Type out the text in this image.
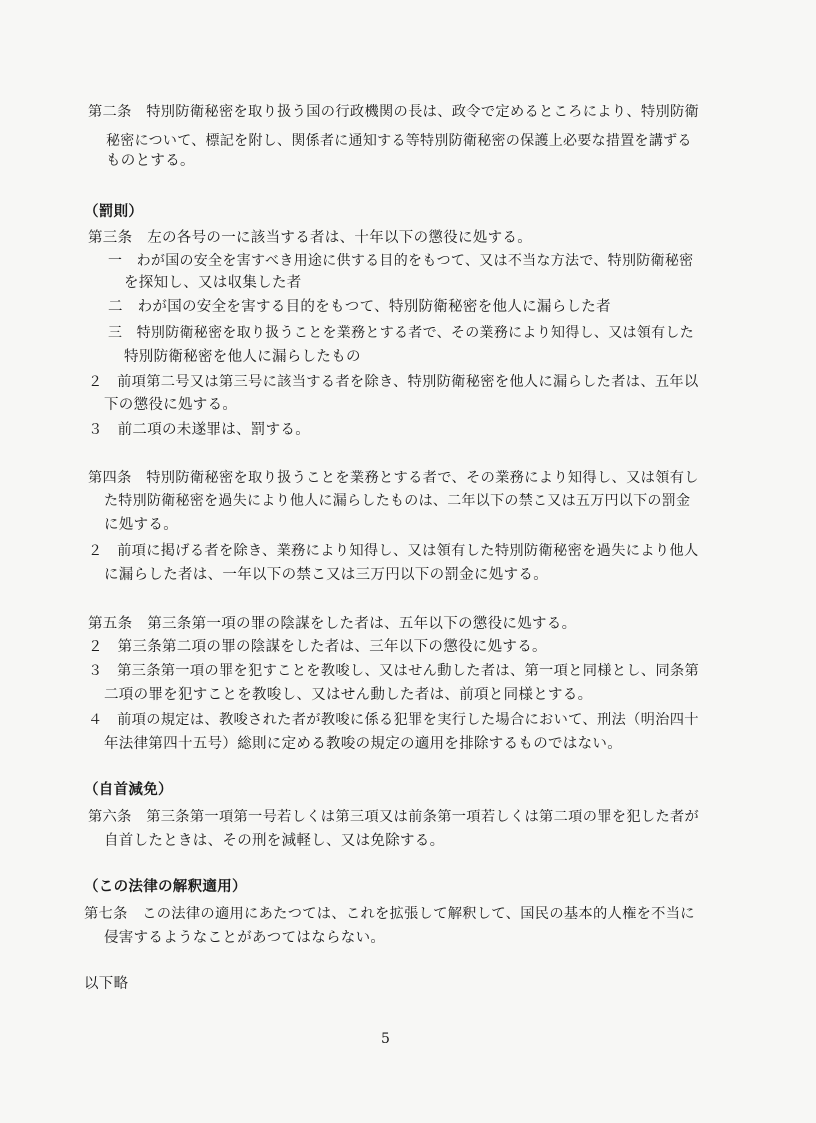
第二条　特別防衛秘密を取り扱う国の行政機関の長は、政令で定めるところにより、特別防衛
秘密について、標記を附し、関係者に通知する等特別防衛秘密の保護上必要な措置を講ずる
ものとする。
（罰則）
第三条　左の各号の一に該当する者は、十年以下の懲役に処する。
一　わが国の安全を害すべき用途に供する目的をもつて、又は不当な方法で、特別防衛秘密
を探知し、又は収集した者
二　わが国の安全を害する目的をもつて、特別防衛秘密を他人に漏らした者
三　特別防衛秘密を取り扱うことを業務とする者で、その業務により知得し、又は領有した
特別防衛秘密を他人に漏らしたもの
２　前項第二号又は第三号に該当する者を除き、特別防衛秘密を他人に漏らした者は、五年以
下の懲役に処する。
３　前二項の未遂罪は、罰する。
第四条　特別防衛秘密を取り扱うことを業務とする者で、その業務により知得し、又は領有し
た特別防衛秘密を過失により他人に漏らしたものは、二年以下の禁こ又は五万円以下の罰金
に処する。
２　前項に掲げる者を除き、業務により知得し、又は領有した特別防衛秘密を過失により他人
に漏らした者は、一年以下の禁こ又は三万円以下の罰金に処する。
第五条　第三条第一項の罪の陰謀をした者は、五年以下の懲役に処する。
２　第三条第二項の罪の陰謀をした者は、三年以下の懲役に処する。
３　第三条第一項の罪を犯すことを教唆し、又はせん動した者は、第一項と同様とし、同条第
二項の罪を犯すことを教唆し、又はせん動した者は、前項と同様とする。
４　前項の規定は、教唆された者が教唆に係る犯罪を実行した場合において、刑法（明治四十
年法律第四十五号）総則に定める教唆の規定の適用を排除するものではない。
（自首減免）
第六条　第三条第一項第一号若しくは第三項又は前条第一項若しくは第二項の罪を犯した者が
自首したときは、その刑を減軽し、又は免除する。
（この法律の解釈適用）
第七条　この法律の適用にあたつては、これを拡張して解釈して、国民の基本的人権を不当に
侵害するようなことがあつてはならない。
以下略
5
